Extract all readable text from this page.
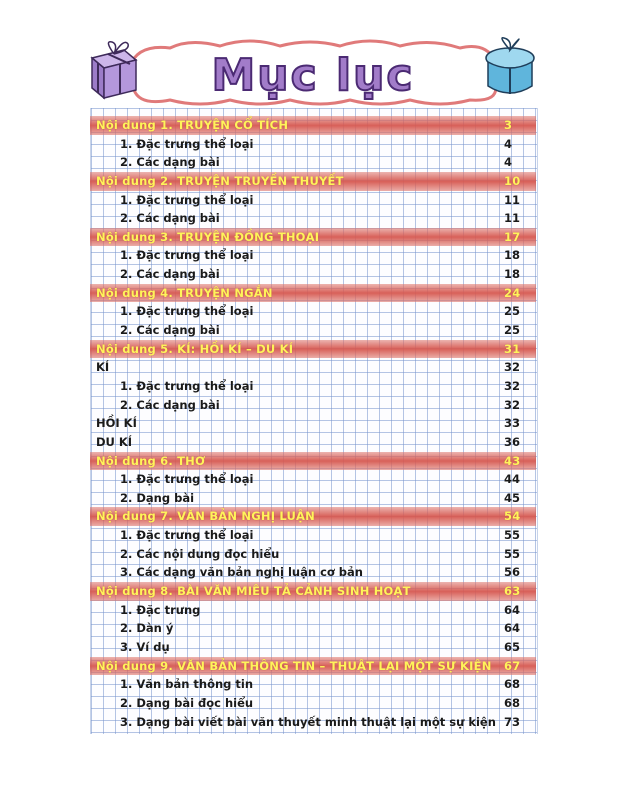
Mục lục
Nội dung 1. TRUYỆN CỔ TÍCH	3
1. Đặc trưng thể loại	4
2. Các dạng bài	4
Nội dung 2. TRUYỆN TRUYỀN THUYẾT	10
1. Đặc trưng thể loại	11
2. Các dạng bài	11
Nội dung 3. TRUYỆN ĐỒNG THOẠI	17
1. Đặc trưng thể loại	18
2. Các dạng bài	18
Nội dung 4. TRUYỆN NGẮN	24
1. Đặc trưng thể loại	25
2. Các dạng bài	25
Nội dung 5. KÍ: HỒI KÍ – DU KÍ	31
KÍ	32
1. Đặc trưng thể loại	32
2. Các dạng bài	32
HỒI KÍ	33
DU KÍ	36
Nội dung 6. THƠ	43
1. Đặc trưng thể loại	44
2. Dạng bài	45
Nội dung 7. VĂN BẢN NGHỊ LUẬN	54
1. Đặc trưng thể loại	55
2. Các nội dung đọc hiểu	55
3. Các dạng văn bản nghị luận cơ bản	56
Nội dung 8. BÀI VĂN MIÊU TẢ CẢNH SINH HOẠT	63
1. Đặc trưng	64
2. Dàn ý	64
3. Ví dụ	65
Nội dung 9. VĂN BẢN THÔNG TIN – THUẬT LẠI MỘT SỰ KIỆN 67
1. Văn bản thông tin	68
2. Dạng bài đọc hiểu	68
3. Dạng bài viết bài văn thuyết minh thuật lại một sự kiện 73
